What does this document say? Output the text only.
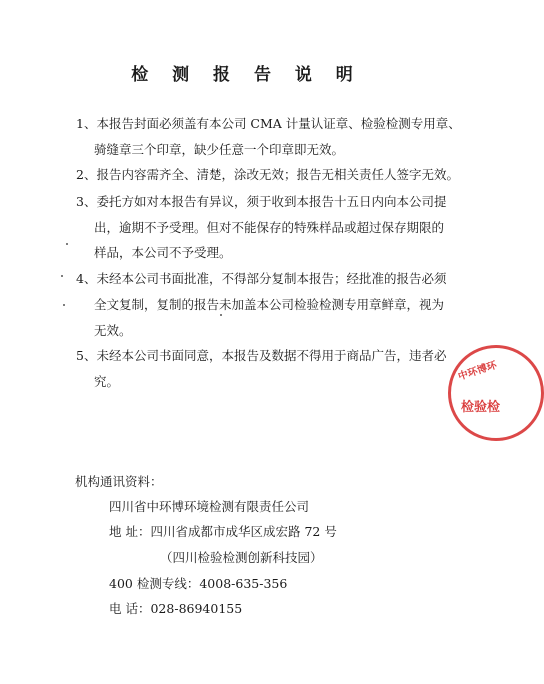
检 测 报 告 说 明
1、本报告封面必须盖有本公司 CMA 计量认证章、检验检测专用章、
骑缝章三个印章，缺少任意一个印章即无效。
2、报告内容需齐全、清楚，涂改无效；报告无相关责任人签字无效。
3、委托方如对本报告有异议，须于收到本报告十五日内向本公司提
出，逾期不予受理。但对不能保存的特殊样品或超过保存期限的
样品，本公司不予受理。
4、未经本公司书面批准，不得部分复制本报告；经批准的报告必须
全文复制，复制的报告未加盖本公司检验检测专用章鲜章，视为
无效。
5、未经本公司书面同意，本报告及数据不得用于商品广告，违者必
究。
机构通讯资料：
四川省中环博环境检测有限责任公司
地 址：四川省成都市成华区成宏路 72 号
（四川检验检测创新科技园）
400 检测专线：4008-635-356
电 话：028-86940155
中环博环
检验检
